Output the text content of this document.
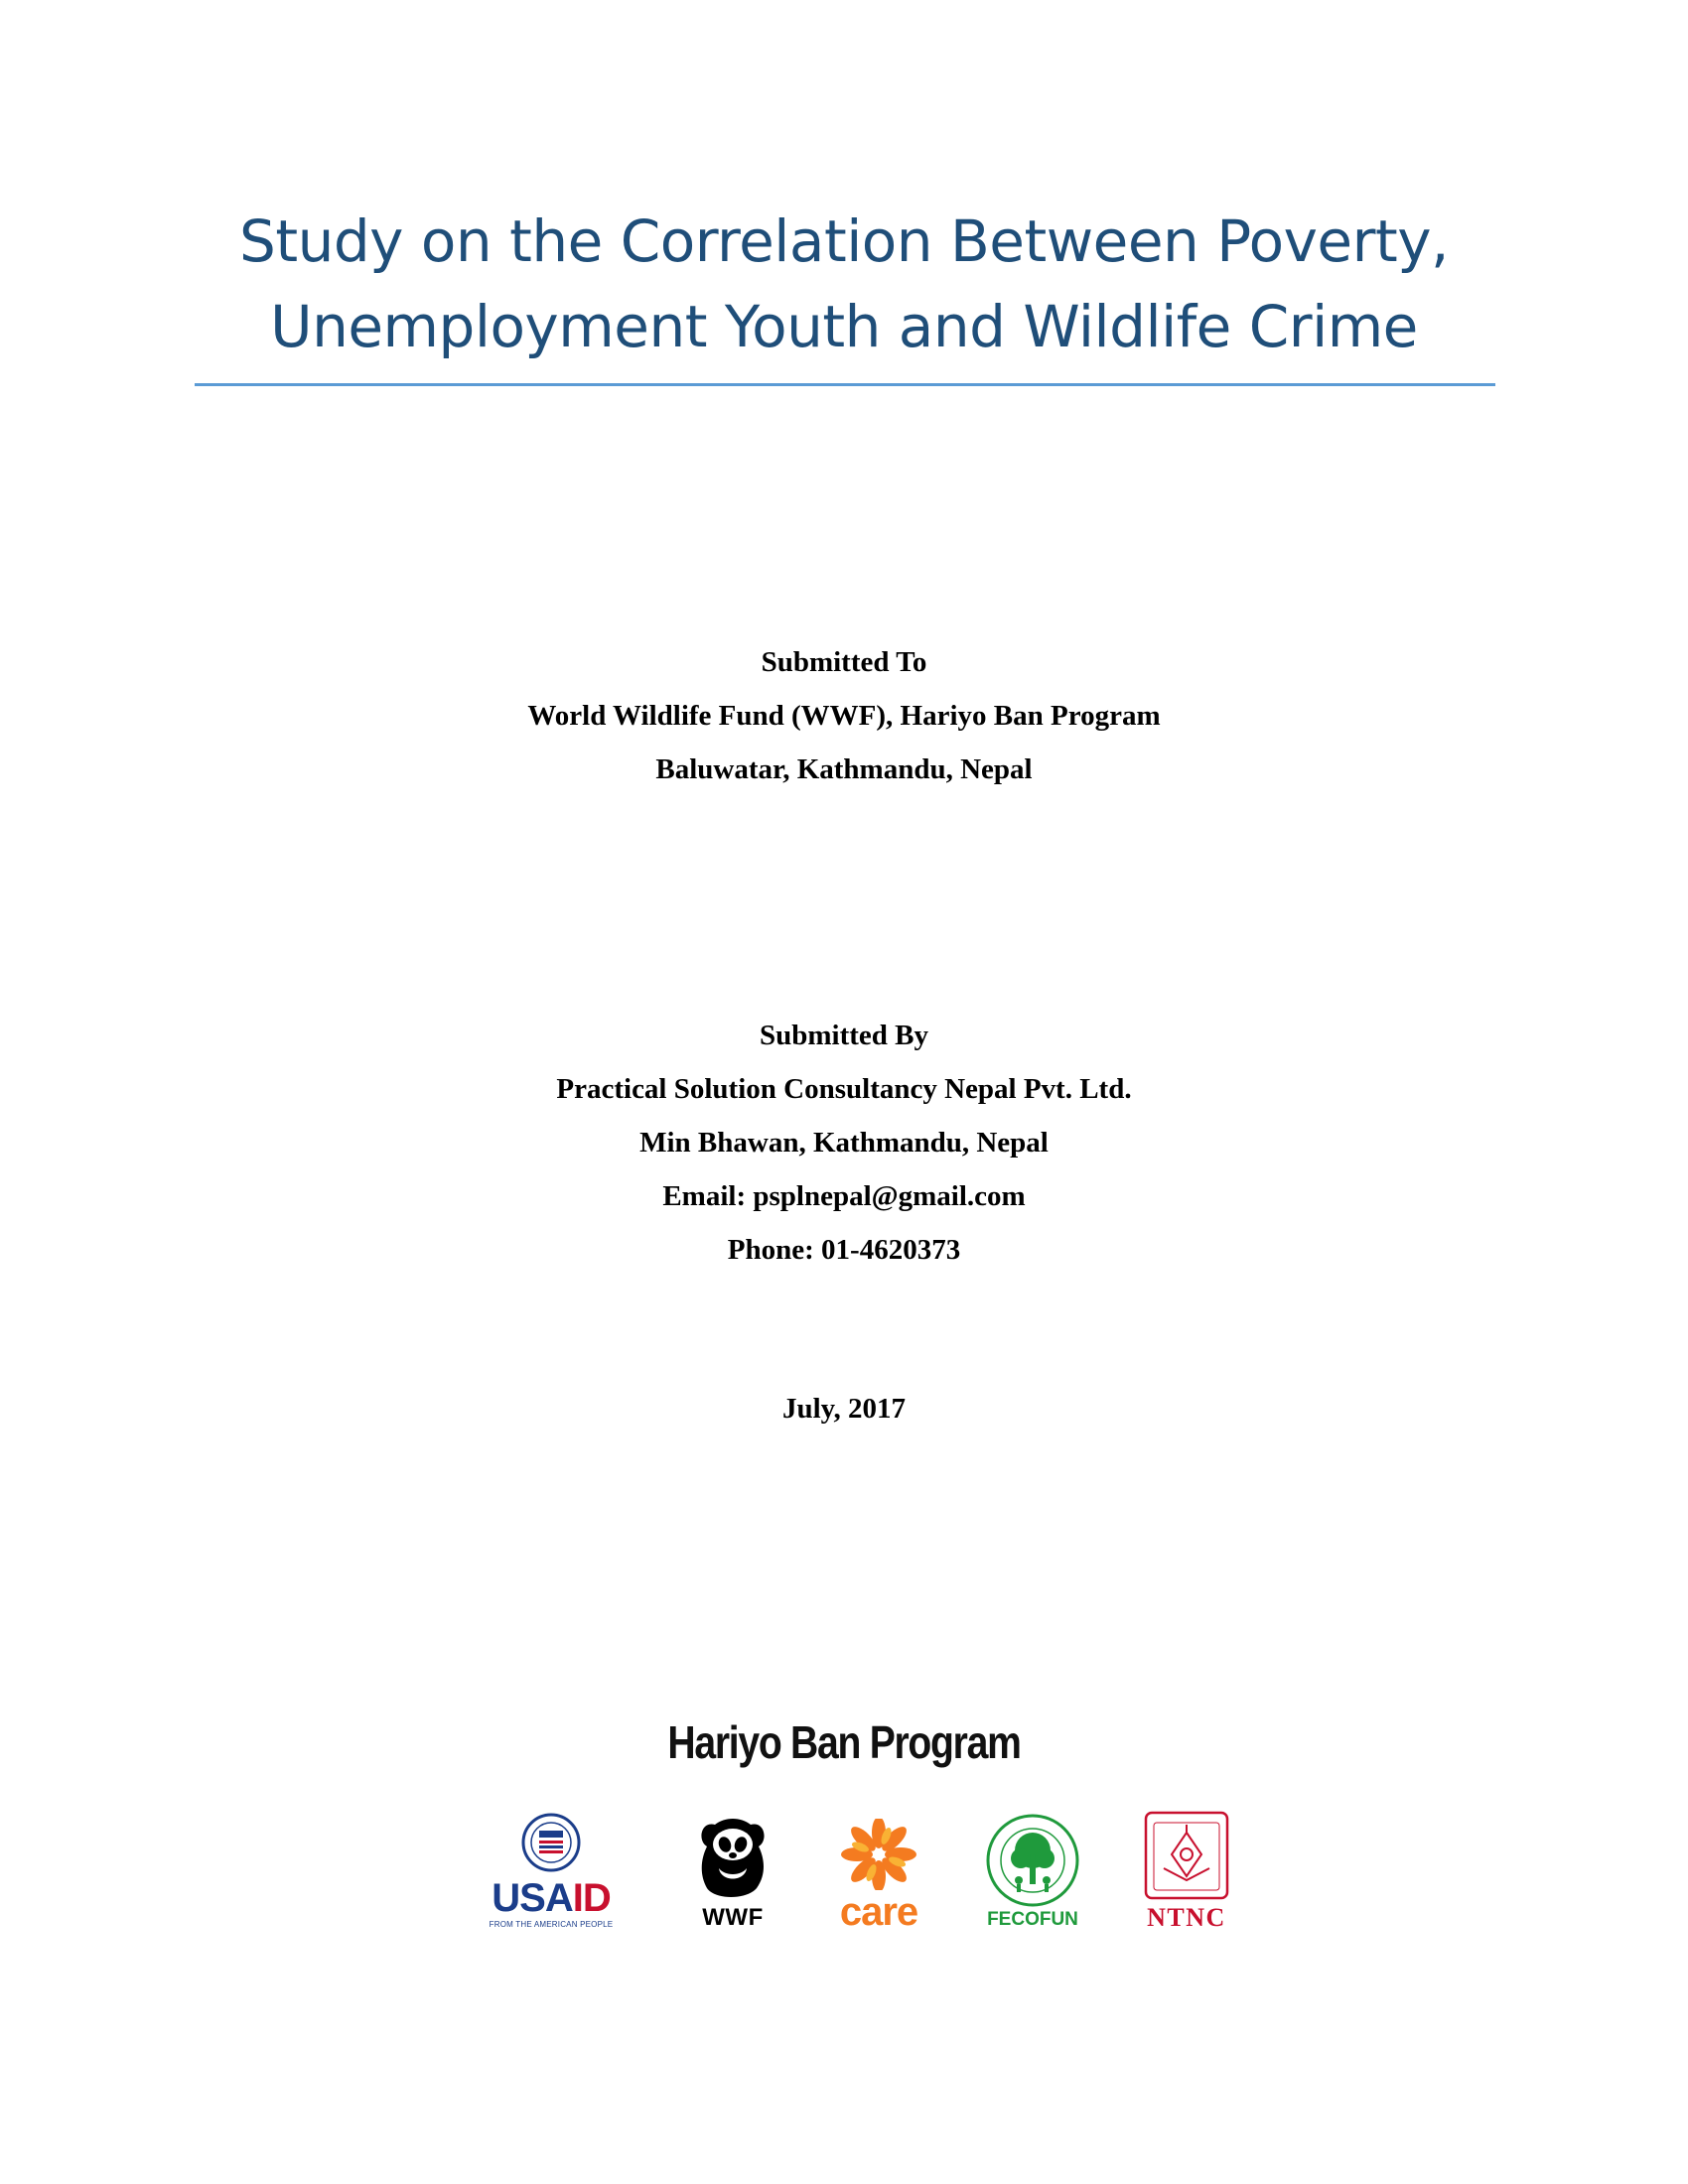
Study on the Correlation Between Poverty,
Unemployment Youth and Wildlife Crime
Submitted To
World Wildlife Fund (WWF), Hariyo Ban Program
Baluwatar, Kathmandu, Nepal
Submitted By
Practical Solution Consultancy Nepal Pvt. Ltd.
Min Bhawan, Kathmandu, Nepal
Email: psplnepal@gmail.com
Phone: 01-4620373
July, 2017
Hariyo Ban Program
USAID
FROM THE AMERICAN PEOPLE	WWF	care	FECOFUN	NTNC
